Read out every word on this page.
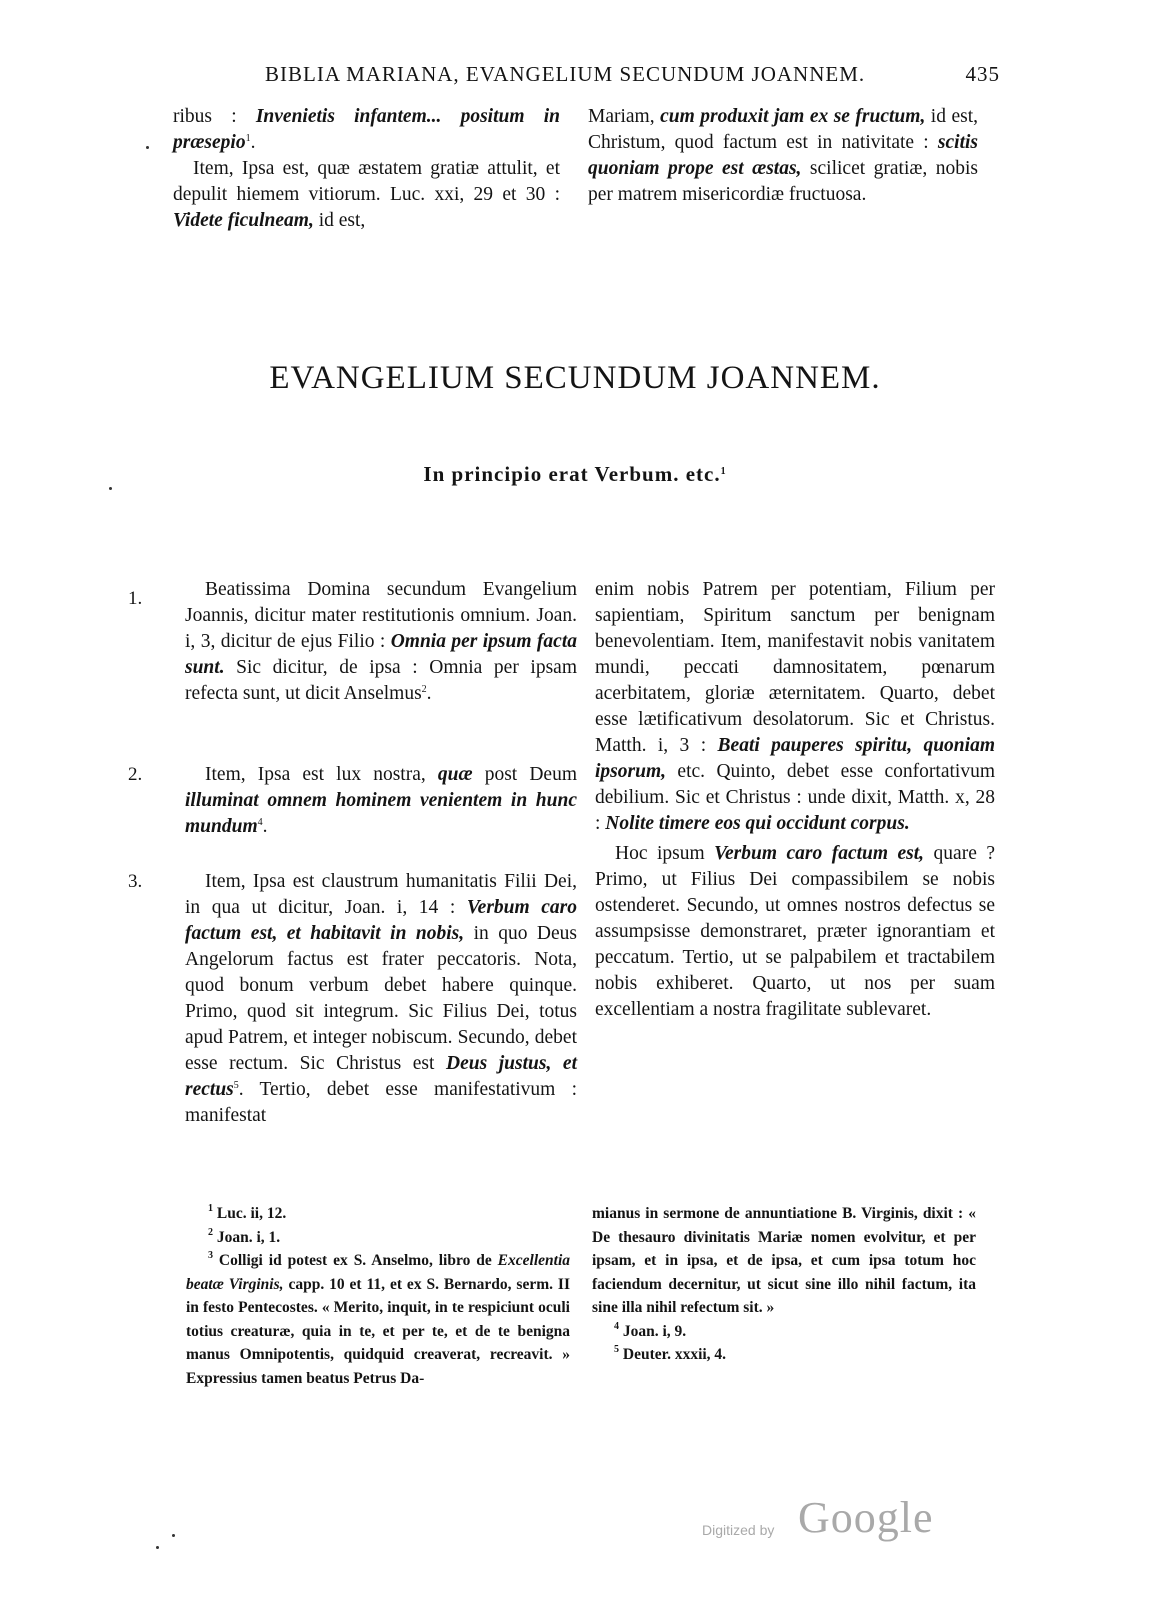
BIBLIA MARIANA, EVANGELIUM SECUNDUM JOANNEM.	435

ribus : Invenietis infantem... positum in præsepio$^1$.

Item, Ipsa est, quæ æstatem gratiæ attulit, et depulit hiemem vitiorum. Luc. xxi, 29 et 30 : Videte ficulneam, id est,

Mariam, cum produxit jam ex se fructum, id est, Christum, quod factum est in nativitate : scitis quoniam prope est æstas, scilicet gratiæ, nobis per matrem misericordiæ fructuosa.

EVANGELIUM SECUNDUM JOANNEM.
In principio erat Verbum. etc.$^1$
1.
2.
3.

Beatissima Domina secundum Evangelium Joannis, dicitur mater restitutionis omnium. Joan. i, 3, dicitur de ejus Filio : Omnia per ipsum facta sunt. Sic dicitur, de ipsa : Omnia per ipsam refecta sunt, ut dicit Anselmus$^2$.

Item, Ipsa est lux nostra, quæ post Deum illuminat omnem hominem venientem in hunc mundum$^4$.

Item, Ipsa est claustrum humanitatis Filii Dei, in qua ut dicitur, Joan. i, 14 : Verbum caro factum est, et habitavit in nobis, in quo Deus Angelorum factus est frater peccatoris. Nota, quod bonum verbum debet habere quinque. Primo, quod sit integrum. Sic Filius Dei, totus apud Patrem, et integer nobiscum. Secundo, debet esse rectum. Sic Christus est Deus justus, et rectus$^5$. Tertio, debet esse manifestativum : manifestat

enim nobis Patrem per potentiam, Filium per sapientiam, Spiritum sanctum per benignam benevolentiam. Item, manifestavit nobis vanitatem mundi, peccati damnositatem, pœnarum acerbitatem, gloriæ æternitatem. Quarto, debet esse lætificativum desolatorum. Sic et Christus. Matth. i, 3 : Beati pauperes spiritu, quoniam ipsorum, etc. Quinto, debet esse confortativum debilium. Sic et Christus : unde dixit, Matth. x, 28 : Nolite timere eos qui occidunt corpus.

Hoc ipsum Verbum caro factum est, quare ? Primo, ut Filius Dei compassibilem se nobis ostenderet. Secundo, ut omnes nostros defectus se assumpsisse demonstraret, præter ignorantiam et peccatum. Tertio, ut se palpabilem et tractabilem nobis exhiberet. Quarto, ut nos per suam excellentiam a nostra fragilitate sublevaret.

$^1$ Luc. ii, 12.

$^2$ Joan. i, 1.

$^3$ Colligi id potest ex S. Anselmo, libro de Excellentia beatæ Virginis, capp. 10 et 11, et ex S. Bernardo, serm. II in festo Pentecostes. « Merito, inquit, in te respiciunt oculi totius creaturæ, quia in te, et per te, et de te benigna manus Omnipotentis, quidquid creaverat, recreavit. » Expressius tamen beatus Petrus Da-

mianus in sermone de annuntiatione B. Virginis, dixit : « De thesauro divinitatis Mariæ nomen evolvitur, et per ipsam, et in ipsa, et de ipsa, et cum ipsa totum hoc faciendum decernitur, ut sicut sine illo nihil factum, ita sine illa nihil refectum sit. »

$^4$ Joan. i, 9.

$^5$ Deuter. xxxii, 4.

Digitized by Google
